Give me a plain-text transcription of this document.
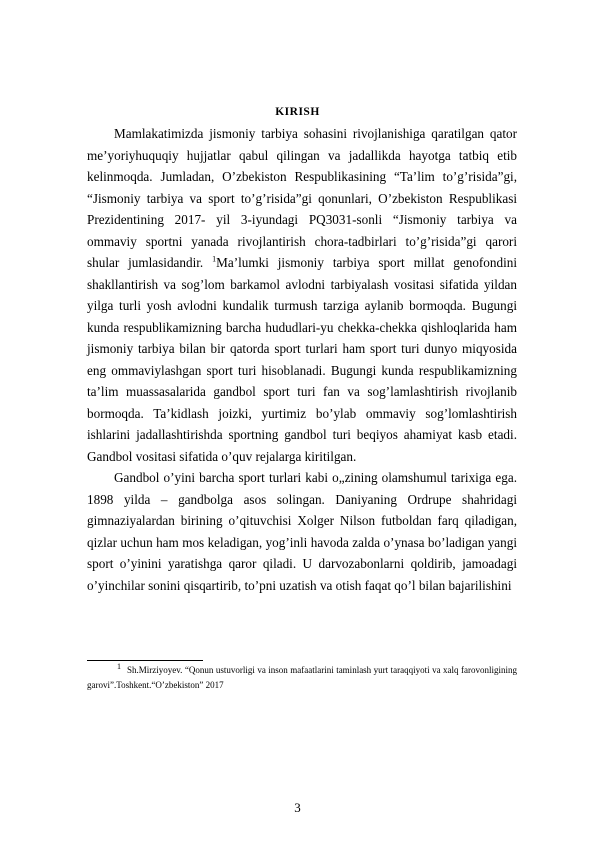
KIRISH

Mamlakatimizda jismoniy tarbiya sohasini rivojlanishiga qaratilgan qator me’yoriyhuquqiy hujjatlar qabul qilingan va jadallikda hayotga tatbiq etib kelinmoqda. Jumladan, O’zbekiston Respublikasining “Ta’lim to’g’risida”gi, “Jismoniy tarbiya va sport to’g’risida”gi qonunlari, O’zbekiston Respublikasi Prezidentining 2017- yil 3-iyundagi PQ3031-sonli “Jismoniy tarbiya va ommaviy sportni yanada rivojlantirish chora-tadbirlari to’g’risida”gi qarori shular jumlasidandir. $^1$Ma’lumki jismoniy tarbiya sport millat genofondini shakllantirish va sog’lom barkamol avlodni tarbiyalash vositasi sifatida yildan yilga turli yosh avlodni kundalik turmush tarziga aylanib bormoqda. Bugungi kunda respublikamizning barcha hududlari-yu chekka-chekka qishloqlarida ham jismoniy tarbiya bilan bir qatorda sport turlari ham sport turi dunyo miqyosida eng ommaviylashgan sport turi hisoblanadi. Bugungi kunda respublikamizning ta’lim muassasalarida gandbol sport turi fan va sog’lamlashtirish rivojlanib bormoqda. Ta’kidlash joizki, yurtimiz bo’ylab ommaviy sog’lomlashtirish ishlarini jadallashtirishda sportning gandbol turi beqiyos ahamiyat kasb etadi. Gandbol vositasi sifatida o’quv rejalarga kiritilgan.

Gandbol o’yini barcha sport turlari kabi o„zining olamshumul tarixiga ega. 1898 yilda – gandbolga asos solingan. Daniyaning Ordrupe shahridagi gimnaziyalardan birining o’qituvchisi Xolger Nilson futboldan farq qiladigan, qizlar uchun ham mos keladigan, yog’inli havoda zalda o’ynasa bo’ladigan yangi sport o’yinini yaratishga qaror qiladi. U darvozabonlarni qoldirib, jamoadagi o’yinchilar sonini qisqartirib, to’pni uzatish va otish faqat qo’l bilan bajarilishini

$^1$ Sh.Mirziyoyev. “Qonun ustuvorligi va inson mafaatlarini taminlash yurt taraqqiyoti va xalq farovonligining garovi”.Toshkent.“O’zbekiston” 2017
3
